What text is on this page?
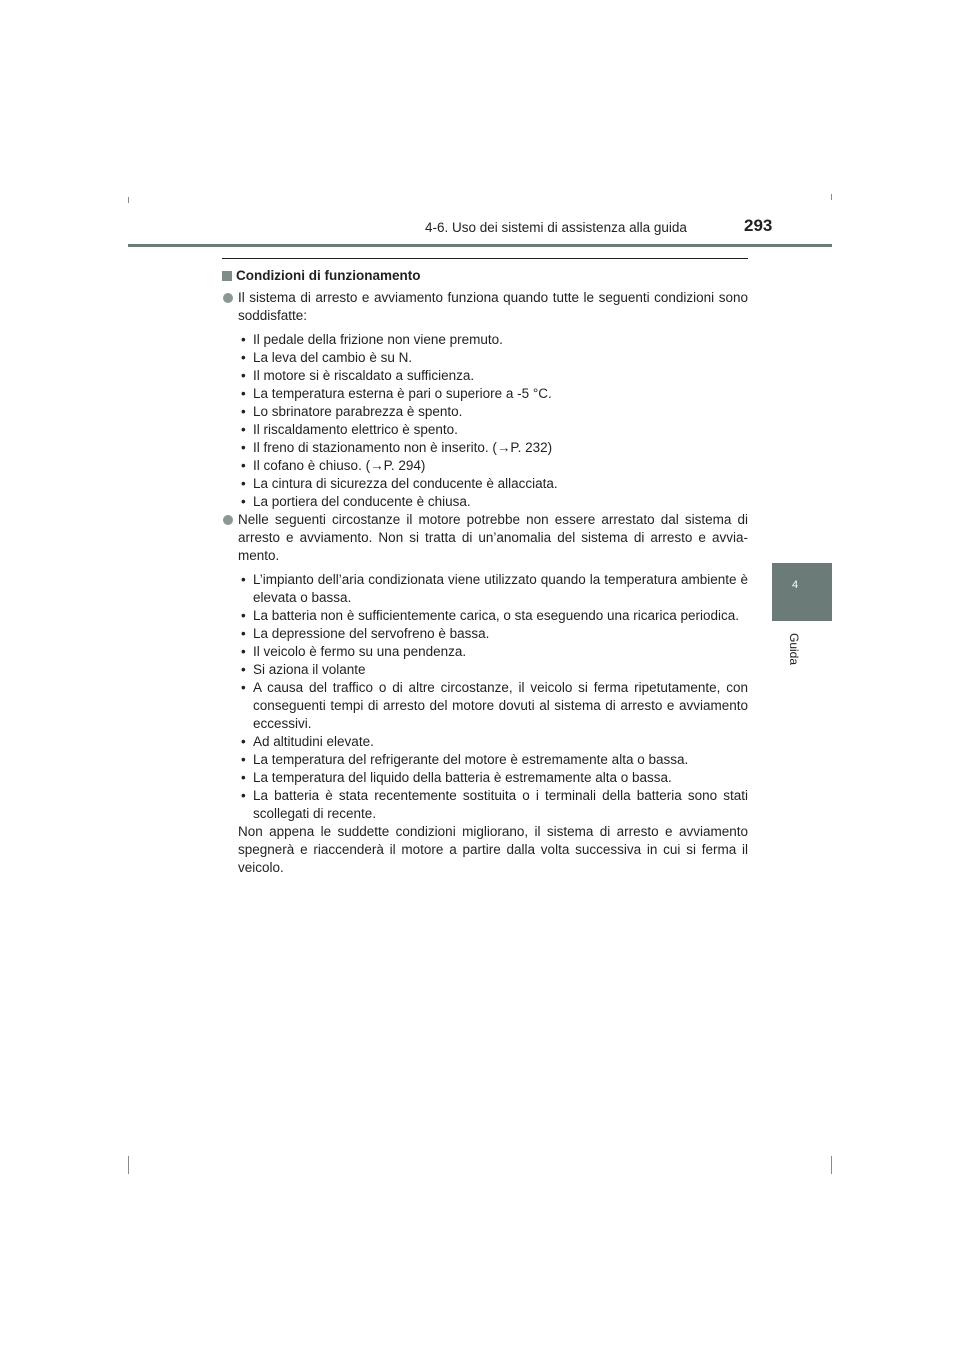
4-6. Uso dei sistemi di assistenza alla guida	293
4
Guida
Condizioni di funzionamento
Il sistema di arresto e avviamento funziona quando tutte le seguenti condizioni sono soddisfatte:
• Il pedale della frizione non viene premuto.
• La leva del cambio è su N.
• Il motore si è riscaldato a sufficienza.
• La temperatura esterna è pari o superiore a -5 °C.
• Lo sbrinatore parabrezza è spento.
• Il riscaldamento elettrico è spento.
• Il freno di stazionamento non è inserito. (→P. 232)
• Il cofano è chiuso. (→P. 294)
• La cintura di sicurezza del conducente è allacciata.
• La portiera del conducente è chiusa.
Nelle seguenti circostanze il motore potrebbe non essere arrestato dal sistema di arresto e avviamento. Non si tratta di un’anomalia del sistema di arresto e avvia-mento.
• L’impianto dell’aria condizionata viene utilizzato quando la temperatura ambiente è elevata o bassa.
• La batteria non è sufficientemente carica, o sta eseguendo una ricarica periodica.
• La depressione del servofreno è bassa.
• Il veicolo è fermo su una pendenza.
• Si aziona il volante
• A causa del traffico o di altre circostanze, il veicolo si ferma ripetutamente, con conseguenti tempi di arresto del motore dovuti al sistema di arresto e avviamento eccessivi.
• Ad altitudini elevate.
• La temperatura del refrigerante del motore è estremamente alta o bassa.
• La temperatura del liquido della batteria è estremamente alta o bassa.
• La batteria è stata recentemente sostituita o i terminali della batteria sono stati scollegati di recente.
Non appena le suddette condizioni migliorano, il sistema di arresto e avviamento spegnerà e riaccenderà il motore a partire dalla volta successiva in cui si ferma il veicolo.
